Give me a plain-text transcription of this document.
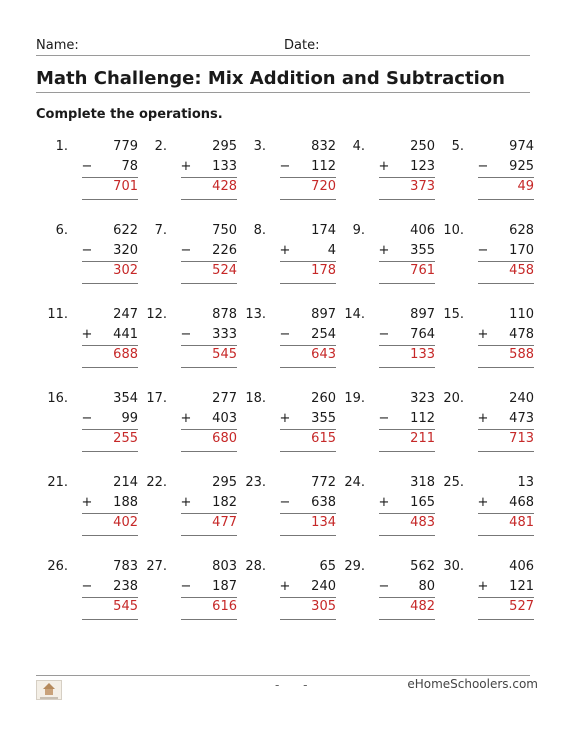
Name:	Date:
Math Challenge: Mix Addition and Subtraction
Complete the operations.
1.	779
−	78
701
2.	295
+	133
428
3.	832
−	112
720
4.	250
+	123
373
5.	974
−	925
49
6.	622
−	320
302
7.	750
−	226
524
8.	174
+	4
178
9.	406
+	355
761
10.	628
−	170
458
11.	247
+	441
688
12.	878
−	333
545
13.	897
−	254
643
14.	897
−	764
133
15.	110
+	478
588
16.	354
−	99
255
17.	277
+	403
680
18.	260
+	355
615
19.	323
−	112
211
20.	240
+	473
713
21.	214
+	188
402
22.	295
+	182
477
23.	772
−	638
134
24.	318
+	165
483
25.	13
+	468
481
26.	783
−	238
545
27.	803
−	187
616
28.	65
+	240
305
29.	562
−	80
482
30.	406
+	121
527
- -	eHomeSchoolers.com
